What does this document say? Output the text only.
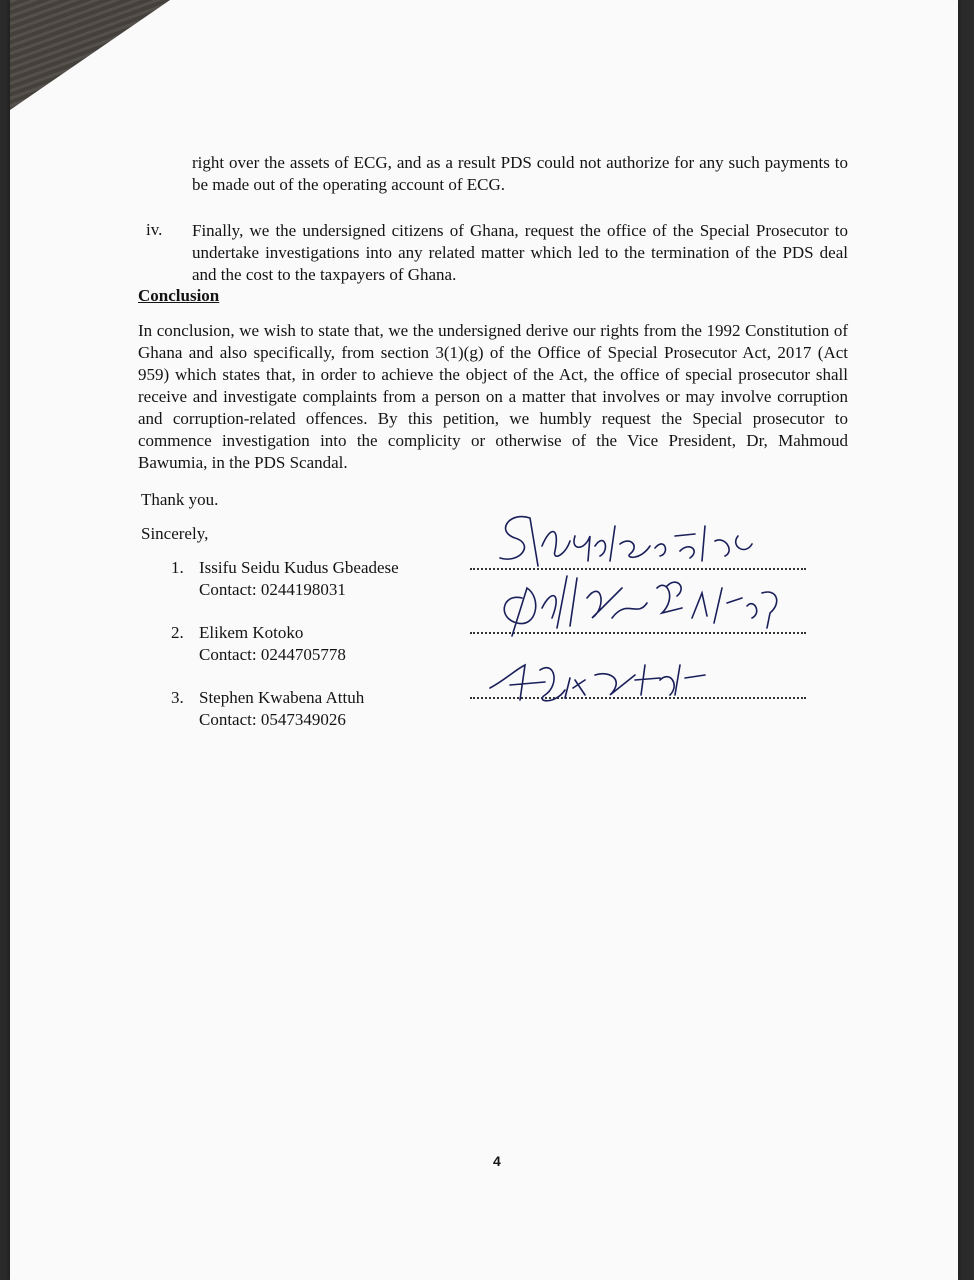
right over the assets of ECG, and as a result PDS could not authorize for any such payments to be made out of the operating account of ECG.
iv. Finally, we the undersigned citizens of Ghana, request the office of the Special Prosecutor to undertake investigations into any related matter which led to the termination of the PDS deal and the cost to the taxpayers of Ghana.
Conclusion
In conclusion, we wish to state that, we the undersigned derive our rights from the 1992 Constitution of Ghana and also specifically, from section 3(1)(g) of the Office of Special Prosecutor Act, 2017 (Act 959) which states that, in order to achieve the object of the Act, the office of special prosecutor shall receive and investigate complaints from a person on a matter that involves or may involve corruption and corruption-related offences. By this petition, we humbly request the Special prosecutor to commence investigation into the complicity or otherwise of the Vice President, Dr, Mahmoud Bawumia, in the PDS Scandal.
Thank you.
Sincerely,
1. Issifu Seidu Kudus Gbeadese
Contact: 0244198031
2. Elikem Kotoko
Contact: 0244705778
3. Stephen Kwabena Attuh
Contact: 0547349026
4
